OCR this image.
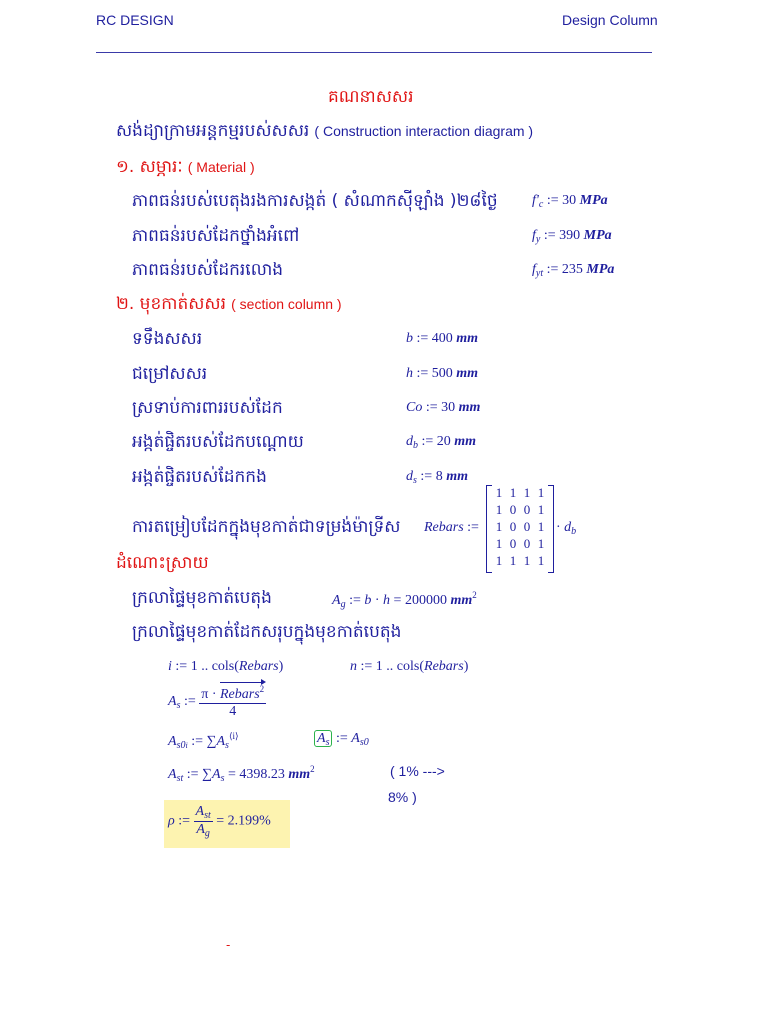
RC DESIGN	Design Column
គណនាសសរ
សង់ដ្យាក្រាមអន្តកម្មរបស់សសរ ( Construction interaction diagram )
១. សម្ភារៈ ( Material )
ភាពធន់របស់បេតុងរងការសង្កត់ ( សំណាកស៊ីឡាំង )២៨ថ្ងៃ $f'_c$ := 30 MPa
ភាពធន់របស់ដែកថ្នាំងអំពៅ	$f_y$ := 390 MPa
ភាពធន់របស់ដែករលោង	$f_{yt}$ := 235 MPa
២. មុខកាត់សសរ ( section column )
ទទឹងសសរ	b := 400 mm
ជម្រៅសសរ	h := 500 mm
ស្រទាប់ការពាររបស់ដែក	Co := 30 mm
អង្កត់ផ្ចិតរបស់ដែកបណ្តោយ	$d_b$ := 20 mm
អង្កត់ផ្ចិតរបស់ដែកកង	$d_s$ := 8 mm
ការតម្រៀបដែកក្នុងមុខកាត់ជាទម្រង់ម៉ាទ្រីស Rebars :=
1 1 1 1
1 0 0 1
1 0 0 1
1 0 0 1
1 1 1 1
· $d_b$
ដំណោះស្រាយ
ក្រលាផ្ទៃមុខកាត់បេតុង	$A_g$ := b · h = 200000 $mm^2$
ក្រលាផ្ទៃមុខកាត់ដែកសរុបក្នុងមុខកាត់បេតុង
i := 1 .. cols(Rebars)	n := 1 .. cols(Rebars)
$A_s$ := $\frac{\pi \cdot Rebars^2}{4}$
$A_{s0i}$ := $\sum A_s^{⟨i⟩}$	$A_s$ := $A_{s0}$
$A_{st}$ := $\sum A_s = 4398.23$ $mm^2$	( 1% --->
8% )
ρ := $\frac{A_{st}}{A_g} = 2.199\%$
-
